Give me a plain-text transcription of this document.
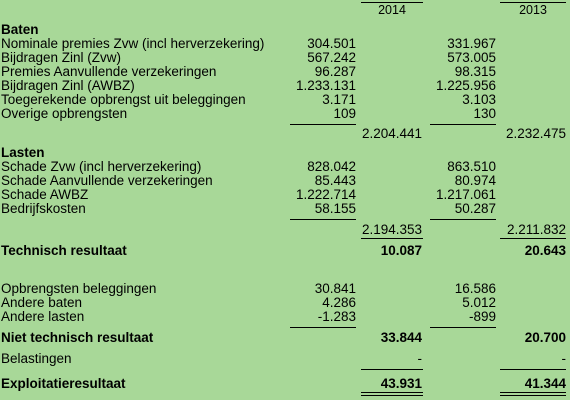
2014	2013
Baten
Nominale premies Zvw (incl herverzekering)	304.501	331.967
Bijdragen Zinl (Zvw)	567.242	573.005
Premies Aanvullende verzekeringen	96.287	98.315
Bijdragen Zinl (AWBZ)	1.233.131	1.225.956
Toegerekende opbrengst uit beleggingen	3.171	3.103
Overige opbrengsten	109	130
2.204.441	2.232.475
Lasten
Schade Zvw (incl herverzekering)	828.042	863.510
Schade Aanvullende verzekeringen	85.443	80.974
Schade AWBZ	1.222.714	1.217.061
Bedrijfskosten	58.155	50.287
2.194.353	2.211.832
Technisch resultaat	10.087	20.643
Opbrengsten beleggingen	30.841	16.586
Andere baten	4.286	5.012
Andere lasten	-1.283	-899
Niet technisch resultaat	33.844	20.700
Belastingen	-	-
Exploitatieresultaat	43.931	41.344
